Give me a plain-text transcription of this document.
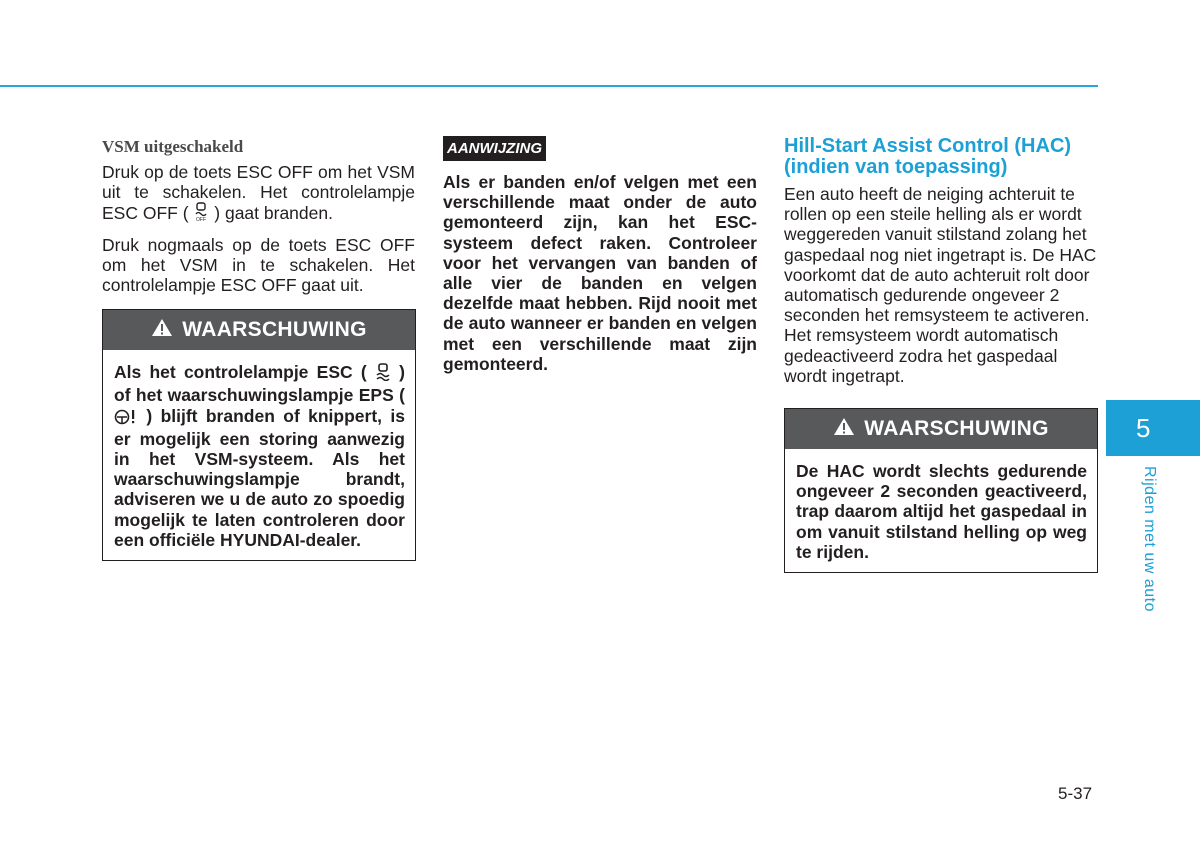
VSM uitgeschakeld

Druk op de toets ESC OFF om het VSM uit te schakelen. Het controlelampje ESC OFF ( OFF ) gaat branden.

Druk nogmaals op de toets ESC OFF om het VSM in te schakelen. Het controlelampje ESC OFF gaat uit.

WAARSCHUWING
Als het controlelampje ESC ( ) of het waarschuwingslampje EPS (  ) blijft branden of knippert, is er mogelijk een storing aanwezig in het VSM-systeem. Als het waarschuwingslampje brandt, adviseren we u de auto zo spoedig mogelijk te laten controleren door een officiële HYUNDAI-dealer.
AANWIJZING

Als er banden en/of velgen met een verschillende maat onder de auto gemonteerd zijn, kan het ESC-systeem defect raken. Controleer voor het vervangen van banden of alle vier de banden en velgen dezelfde maat hebben. Rijd nooit met de auto wanneer er banden en velgen met een verschillende maat zijn gemonteerd.

Hill-Start Assist Control (HAC) (indien van toepassing)

Een auto heeft de neiging achteruit te rollen op een steile helling als er wordt weggereden vanuit stilstand zolang het gaspedaal nog niet ingetrapt is. De HAC voorkomt dat de auto achteruit rolt door automatisch gedurende ongeveer 2 seconden het remsysteem te activeren. Het remsysteem wordt automatisch gedeactiveerd zodra het gaspedaal wordt ingetrapt.

WAARSCHUWING
De HAC wordt slechts gedurende ongeveer 2 seconden geactiveerd, trap daarom altijd het gaspedaal in om vanuit stilstand helling op weg te rijden.
5
Rijden met uw auto
5-37
